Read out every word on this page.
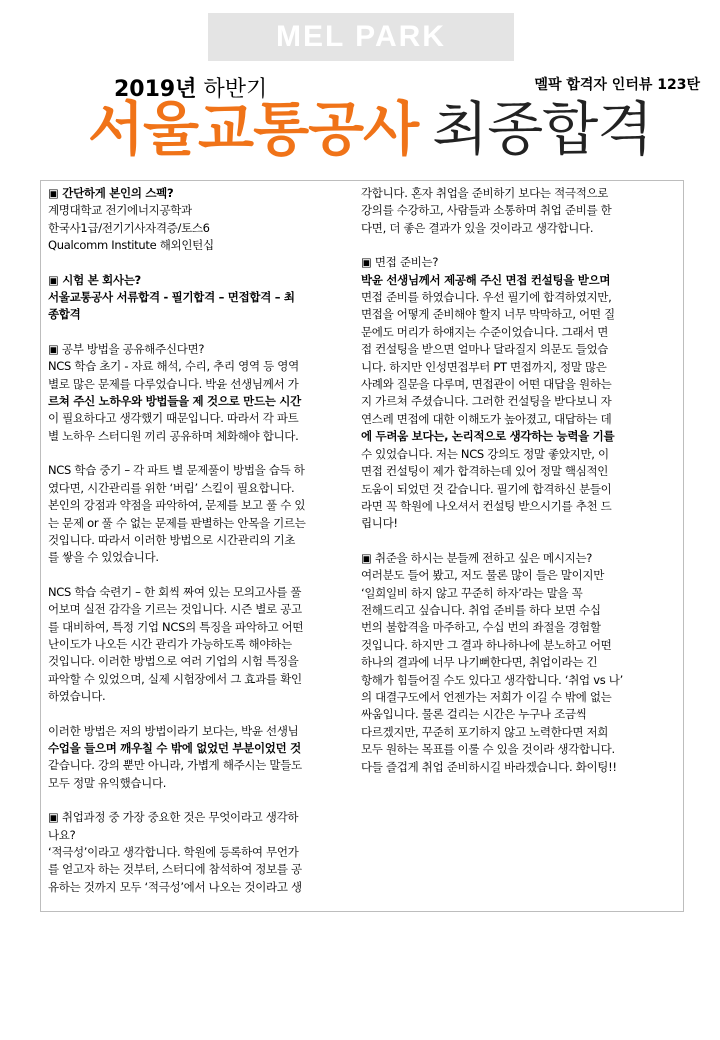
MEL PARK
2019년 하반기	멜팍 합격자 인터뷰 123탄
서울교통공사 최종합격
▣ 간단하게 본인의 스펙?
계명대학교 전기에너지공학과
한국사1급/전기기사자격증/토스6
Qualcomm Institute 해외인턴십
▣ 시험 본 회사는?
서울교통공사 서류합격 - 필기합격 – 면접합격 – 최
종합격
▣ 공부 방법을 공유해주신다면?
NCS 학습 초기 - 자료 해석, 수리, 추리 영역 등 영역
별로 많은 문제를 다루었습니다. 박윤 선생님께서 가
르쳐 주신 노하우와 방법들을 제 것으로 만드는 시간
이 필요하다고 생각했기 때문입니다. 따라서 각 파트
별 노하우 스터디원 끼리 공유하며 체화해야 합니다.
NCS 학습 중기 – 각 파트 별 문제풀이 방법을 습득 하
였다면, 시간관리를 위한 ‘버림’ 스킬이 필요합니다.
본인의 강점과 약점을 파악하여, 문제를 보고 풀 수 있
는 문제 or 풀 수 없는 문제를 판별하는 안목을 기르는
것입니다. 따라서 이러한 방법으로 시간관리의 기초
를 쌓을 수 있었습니다.
NCS 학습 숙련기 – 한 회씩 짜여 있는 모의고사를 풀
어보며 실전 감각을 기르는 것입니다. 시즌 별로 공고
를 대비하여, 특정 기업 NCS의 특징을 파악하고 어떤
난이도가 나오든 시간 관리가 가능하도록 해야하는
것입니다. 이러한 방법으로 여러 기업의 시험 특징을
파악할 수 있었으며, 실제 시험장에서 그 효과를 확인
하였습니다.
이러한 방법은 저의 방법이라기 보다는, 박윤 선생님
수업을 들으며 깨우칠 수 밖에 없었던 부분이었던 것
같습니다. 강의 뿐만 아니라, 가볍게 해주시는 말들도
모두 정말 유익했습니다.
▣ 취업과정 중 가장 중요한 것은 무엇이라고 생각하
나요?
‘적극성’이라고 생각합니다. 학원에 등록하여 무언가
를 얻고자 하는 것부터, 스터디에 참석하여 정보를 공
유하는 것까지 모두 ‘적극성’에서 나오는 것이라고 생
각합니다. 혼자 취업을 준비하기 보다는 적극적으로
강의를 수강하고, 사람들과 소통하며 취업 준비를 한
다면, 더 좋은 결과가 있을 것이라고 생각합니다.
▣ 면접 준비는?
박윤 선생님께서 제공해 주신 면접 컨설팅을 받으며
면접 준비를 하였습니다. 우선 필기에 합격하였지만,
면접을 어떻게 준비해야 할지 너무 막막하고, 어떤 질
문에도 머리가 하얘지는 수준이었습니다. 그래서 면
접 컨설팅을 받으면 얼마나 달라질지 의문도 들었습
니다. 하지만 인성면접부터 PT 면접까지, 정말 많은
사례와 질문을 다루며, 면접관이 어떤 대답을 원하는
지 가르쳐 주셨습니다. 그러한 컨설팅을 받다보니 자
연스레 면접에 대한 이해도가 높아졌고, 대답하는 데
에 두려움 보다는, 논리적으로 생각하는 능력을 기를
수 있었습니다. 저는 NCS 강의도 정말 좋았지만, 이
면접 컨설팅이 제가 합격하는데 있어 정말 핵심적인
도움이 되었던 것 같습니다. 필기에 합격하신 분들이
라면 꼭 학원에 나오셔서 컨설팅 받으시기를 추천 드
립니다!
▣ 취준을 하시는 분들께 전하고 싶은 메시지는?
여러분도 들어 봤고, 저도 물론 많이 들은 말이지만
‘일희일비 하지 않고 꾸준히 하자’라는 말을 꼭
전해드리고 싶습니다. 취업 준비를 하다 보면 수십
번의 불합격을 마주하고, 수십 번의 좌절을 경험할
것입니다. 하지만 그 결과 하나하나에 분노하고 어떤
하나의 결과에 너무 나기뻐한다면, 취업이라는 긴
항해가 힘들어질 수도 있다고 생각합니다. ‘취업 vs 나’
의 대결구도에서 언젠가는 저희가 이길 수 밖에 없는
싸움입니다. 물론 걸리는 시간은 누구나 조금씩
다르겠지만, 꾸준히 포기하지 않고 노력한다면 저희
모두 원하는 목표를 이룰 수 있을 것이라 생각합니다.
다들 즐겁게 취업 준비하시길 바라겠습니다. 화이팅!!
